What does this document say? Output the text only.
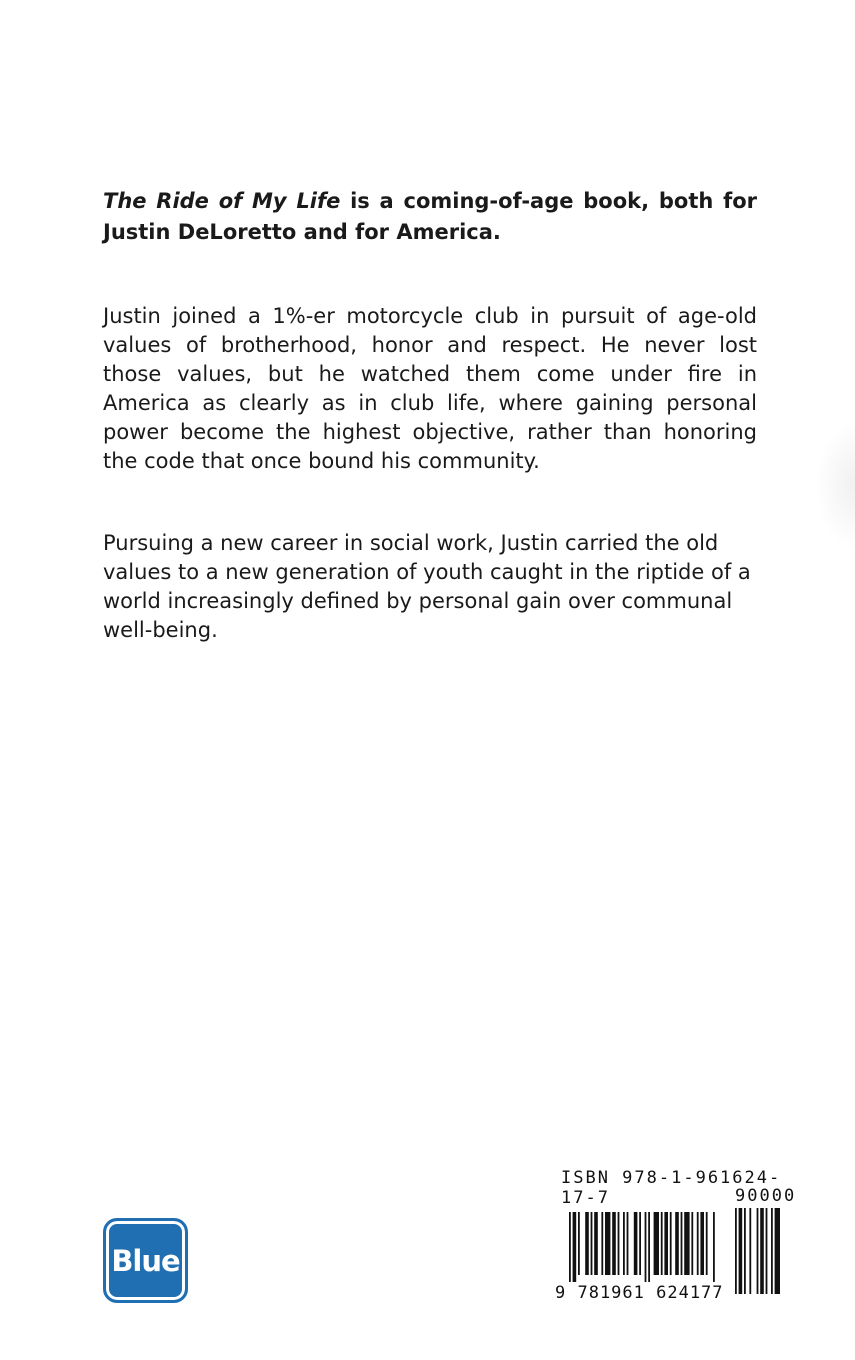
The Ride of My Life is a coming-of-age book, both for Justin DeLoretto and for America.

Justin joined a 1%-er motorcycle club in pursuit of age-old values of brotherhood, honor and respect. He never lost those values, but he watched them come under fire in America as clearly as in club life, where gaining personal power become the highest objective, rather than honoring the code that once bound his community.

Pursuing a new career in social work, Justin carried the old values to a new generation of youth caught in the riptide of a world increasingly defined by personal gain over communal well-being.

Blue
ISBN 978-1-961624-17-7	90000
9 781961 624177
